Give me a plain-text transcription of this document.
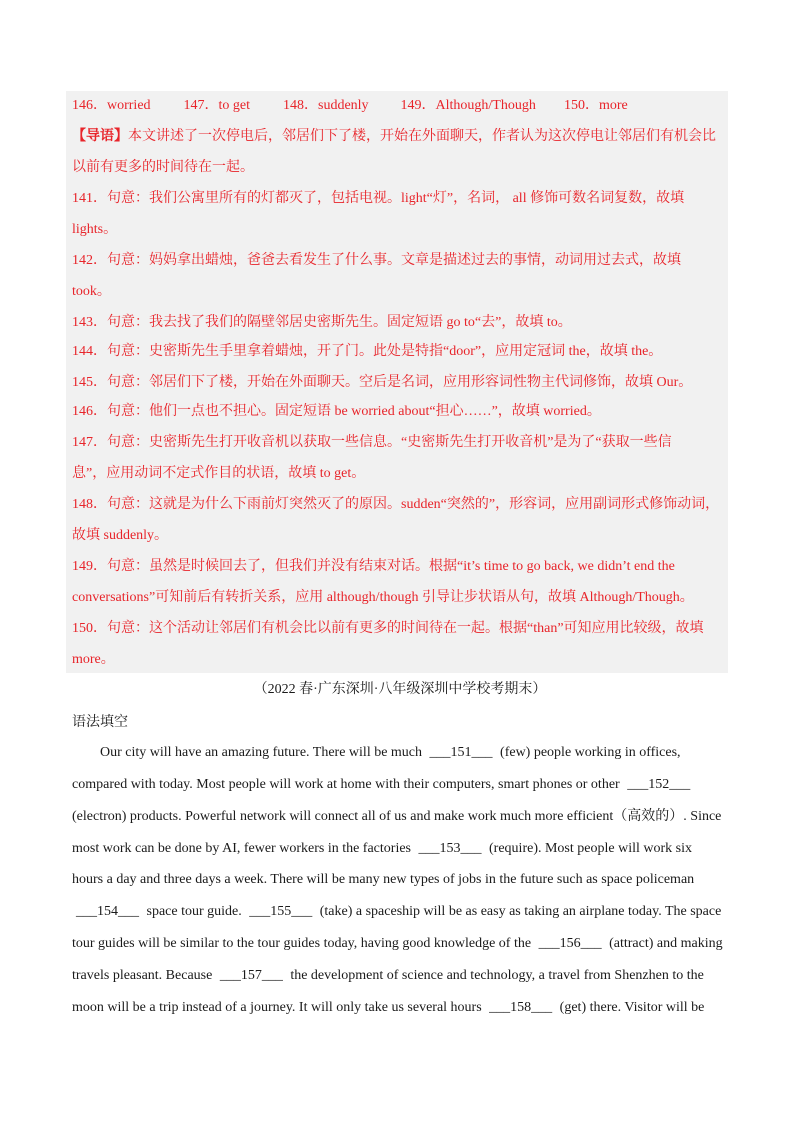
146．worried 147．to get 148．suddenly 149．Although/Though 150．more
【导语】本文讲述了一次停电后，邻居们下了楼，开始在外面聊天，作者认为这次停电让邻居们有机会比
以前有更多的时间待在一起。
141．句意：我们公寓里所有的灯都灭了，包括电视。light“灯”，名词， all 修饰可数名词复数，故填
lights。
142．句意：妈妈拿出蜡烛，爸爸去看发生了什么事。文章是描述过去的事情，动词用过去式，故填
took。
143．句意：我去找了我们的隔壁邻居史密斯先生。固定短语 go to“去”，故填 to。
144．句意：史密斯先生手里拿着蜡烛，开了门。此处是特指“door”，应用定冠词 the，故填 the。
145．句意：邻居们下了楼，开始在外面聊天。空后是名词，应用形容词性物主代词修饰，故填 Our。
146．句意：他们一点也不担心。固定短语 be worried about“担心……”，故填 worried。
147．句意：史密斯先生打开收音机以获取一些信息。“史密斯先生打开收音机”是为了“获取一些信
息”，应用动词不定式作目的状语，故填 to get。
148．句意：这就是为什么下雨前灯突然灭了的原因。sudden“突然的”，形容词，应用副词形式修饰动词，
故填 suddenly。
149．句意：虽然是时候回去了，但我们并没有结束对话。根据“it’s time to go back, we didn’t end the
conversations”可知前后有转折关系，应用 although/though 引导让步状语从句，故填 Although/Though。
150．句意：这个活动让邻居们有机会比以前有更多的时间待在一起。根据“than”可知应用比较级，故填
more。
（2022 春·广东深圳·八年级深圳中学校考期末）
语法填空
Our city will have an amazing future. There will be much ___151___ (few) people working in offices,
compared with today. Most people will work at home with their computers, smart phones or other ___152___
(electron) products. Powerful network will connect all of us and make work much more efficient（高效的）. Since
most work can be done by AI, fewer workers in the factories ___153___ (require). Most people will work six
hours a day and three days a week. There will be many new types of jobs in the future such as space policeman
___154___ space tour guide. ___155___ (take) a spaceship will be as easy as taking an airplane today. The space
tour guides will be similar to the tour guides today, having good knowledge of the ___156___ (attract) and making
travels pleasant. Because ___157___ the development of science and technology, a travel from Shenzhen to the
moon will be a trip instead of a journey. It will only take us several hours ___158___ (get) there. Visitor will be
